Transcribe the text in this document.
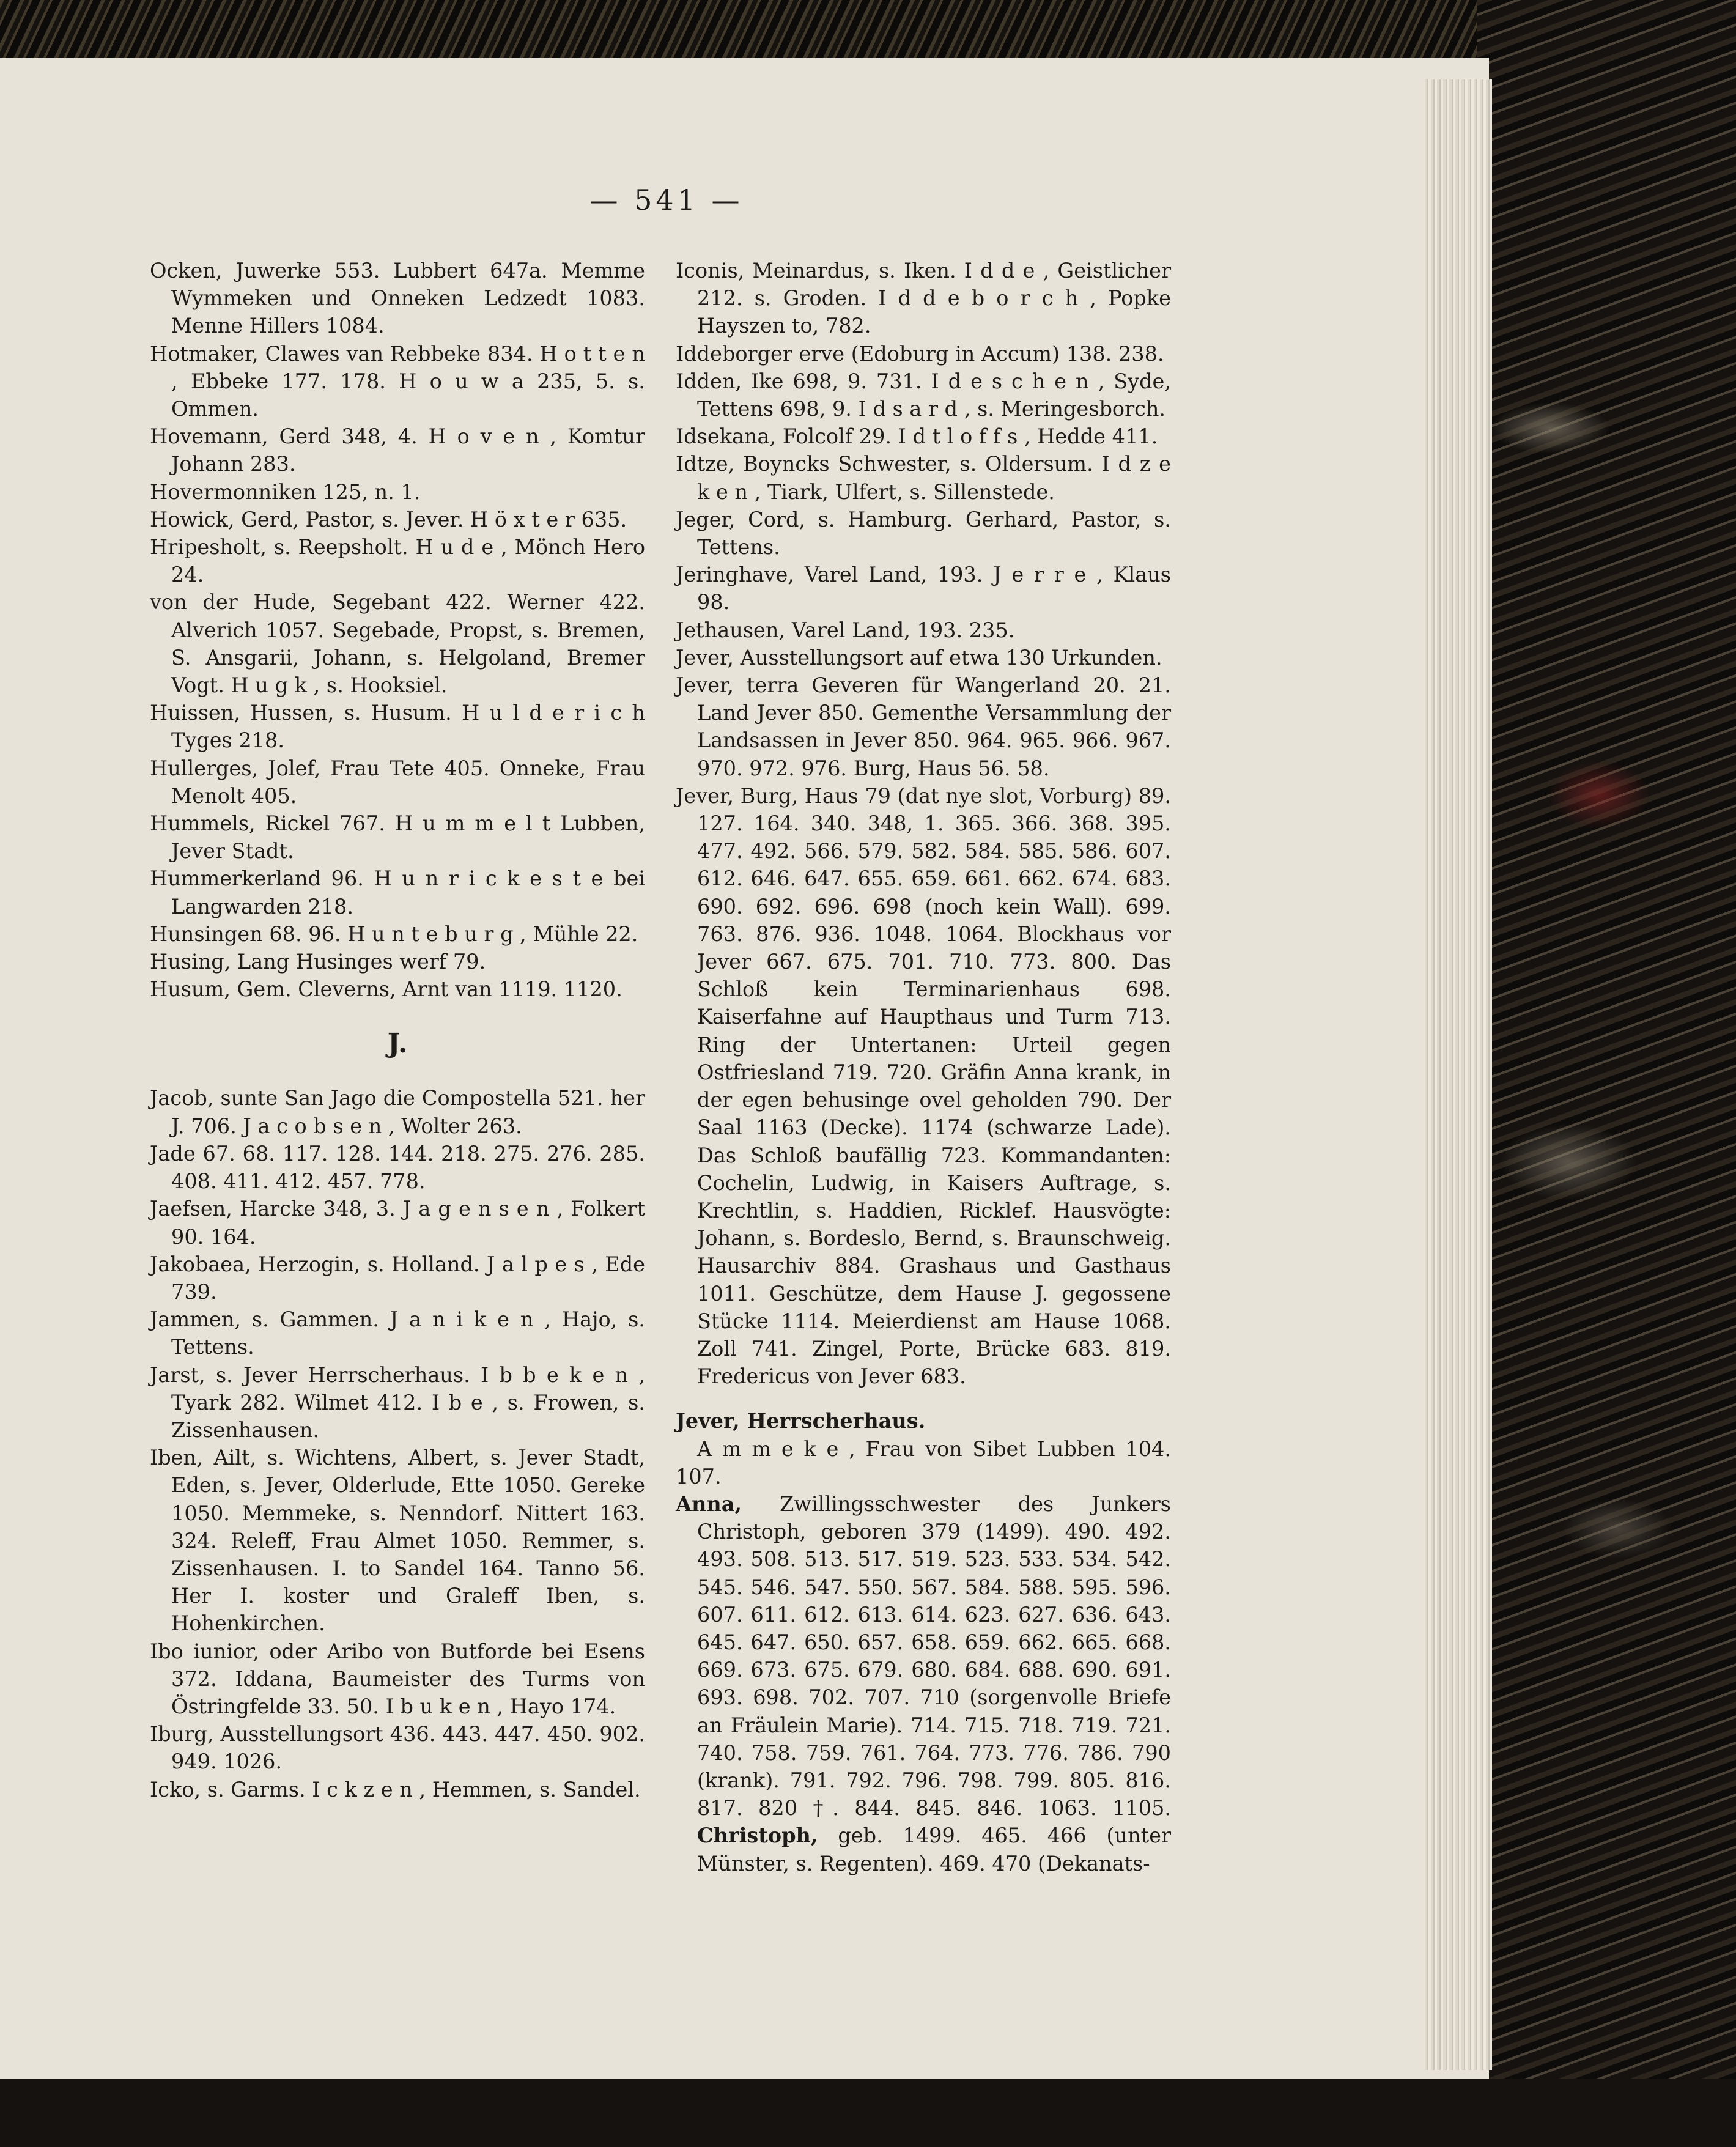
— 541 —

Ocken, Juwerke 553. Lubbert 647a. Memme Wymmeken und Onneken Ledzedt 1083. Menne Hillers 1084.

Hotmaker, Clawes van Rebbeke 834. H o t t e n , Ebbeke 177. 178. H o u w a 235, 5. s. Ommen.

Hovemann, Gerd 348, 4. H o v e n , Komtur Johann 283.

Hovermonniken 125, n. 1.

Howick, Gerd, Pastor, s. Jever. H ö x t e r 635.

Hripesholt, s. Reepsholt. H u d e , Mönch Hero 24.

von der Hude, Segebant 422. Werner 422. Alverich 1057. Segebade, Propst, s. Bremen, S. Ansgarii, Johann, s. Helgoland, Bremer Vogt. H u g k , s. Hooksiel.

Huissen, Hussen, s. Husum. H u l d e r i c h Tyges 218.

Hullerges, Jolef, Frau Tete 405. Onneke, Frau Menolt 405.

Hummels, Rickel 767. H u m m e l t Lubben, Jever Stadt.

Hummerkerland 96. H u n r i c k e s t e bei Langwarden 218.

Hunsingen 68. 96. H u n t e b u r g , Mühle 22.

Husing, Lang Husinges werf 79.

Husum, Gem. Cleverns, Arnt van 1119. 1120.

J.

Jacob, sunte San Jago die Compostella 521. her J. 706. J a c o b s e n , Wolter 263.

Jade 67. 68. 117. 128. 144. 218. 275. 276. 285. 408. 411. 412. 457. 778.

Jaefsen, Harcke 348, 3. J a g e n s e n , Folkert 90. 164.

Jakobaea, Herzogin, s. Holland. J a l p e s , Ede 739.

Jammen, s. Gammen. J a n i k e n , Hajo, s. Tettens.

Jarst, s. Jever Herrscherhaus. I b b e k e n , Tyark 282. Wilmet 412. I b e , s. Frowen, s. Zissenhausen.

Iben, Ailt, s. Wichtens, Albert, s. Jever Stadt, Eden, s. Jever, Olderlude, Ette 1050. Gereke 1050. Memmeke, s. Nenndorf. Nittert 163. 324. Releff, Frau Almet 1050. Remmer, s. Zissenhausen. I. to Sandel 164. Tanno 56. Her I. koster und Graleff Iben, s. Hohenkirchen.

Ibo iunior, oder Aribo von Butforde bei Esens 372. Iddana, Baumeister des Turms von Östringfelde 33. 50. I b u k e n , Hayo 174.

Iburg, Ausstellungsort 436. 443. 447. 450. 902. 949. 1026.

Icko, s. Garms. I c k z e n , Hemmen, s. Sandel.

Iconis, Meinardus, s. Iken. I d d e , Geistlicher 212. s. Groden. I d d e b o r c h , Popke Hayszen to, 782.

Iddeborger erve (Edoburg in Accum) 138. 238.

Idden, Ike 698, 9. 731. I d e s c h e n , Syde, Tettens 698, 9. I d s a r d , s. Meringesborch.

Idsekana, Folcolf 29. I d t l o f f s , Hedde 411.

Idtze, Boyncks Schwester, s. Oldersum. I d z e k e n , Tiark, Ulfert, s. Sillenstede.

Jeger, Cord, s. Hamburg. Gerhard, Pastor, s. Tettens.

Jeringhave, Varel Land, 193. J e r r e , Klaus 98.

Jethausen, Varel Land, 193. 235.

Jever, Ausstellungsort auf etwa 130 Urkunden.

Jever, terra Geveren für Wangerland 20. 21. Land Jever 850. Gementhe Versammlung der Landsassen in Jever 850. 964. 965. 966. 967. 970. 972. 976. Burg, Haus 56. 58.

Jever, Burg, Haus 79 (dat nye slot, Vorburg) 89. 127. 164. 340. 348, 1. 365. 366. 368. 395. 477. 492. 566. 579. 582. 584. 585. 586. 607. 612. 646. 647. 655. 659. 661. 662. 674. 683. 690. 692. 696. 698 (noch kein Wall). 699. 763. 876. 936. 1048. 1064. Blockhaus vor Jever 667. 675. 701. 710. 773. 800. Das Schloß kein Terminarienhaus 698. Kaiserfahne auf Haupthaus und Turm 713. Ring der Untertanen: Urteil gegen Ostfriesland 719. 720. Gräfin Anna krank, in der egen behusinge ovel geholden 790. Der Saal 1163 (Decke). 1174 (schwarze Lade). Das Schloß baufällig 723. Kommandanten: Cochelin, Ludwig, in Kaisers Auftrage, s. Krechtlin, s. Haddien, Ricklef. Hausvögte: Johann, s. Bordeslo, Bernd, s. Braunschweig. Hausarchiv 884. Grashaus und Gasthaus 1011. Geschütze, dem Hause J. gegossene Stücke 1114. Meierdienst am Hause 1068. Zoll 741. Zingel, Porte, Brücke 683. 819. Fredericus von Jever 683.

Jever, Herrscherhaus.

A m m e k e , Frau von Sibet Lubben 104. 107.

Anna, Zwillingsschwester des Junkers Christoph, geboren 379 (1499). 490. 492. 493. 508. 513. 517. 519. 523. 533. 534. 542. 545. 546. 547. 550. 567. 584. 588. 595. 596. 607. 611. 612. 613. 614. 623. 627. 636. 643. 645. 647. 650. 657. 658. 659. 662. 665. 668. 669. 673. 675. 679. 680. 684. 688. 690. 691. 693. 698. 702. 707. 710 (sorgenvolle Briefe an Fräulein Marie). 714. 715. 718. 719. 721. 740. 758. 759. 761. 764. 773. 776. 786. 790 (krank). 791. 792. 796. 798. 799. 805. 816. 817. 820 †. 844. 845. 846. 1063. 1105. Christoph, geb. 1499. 465. 466 (unter Münster, s. Regenten). 469. 470 (Dekanats-
